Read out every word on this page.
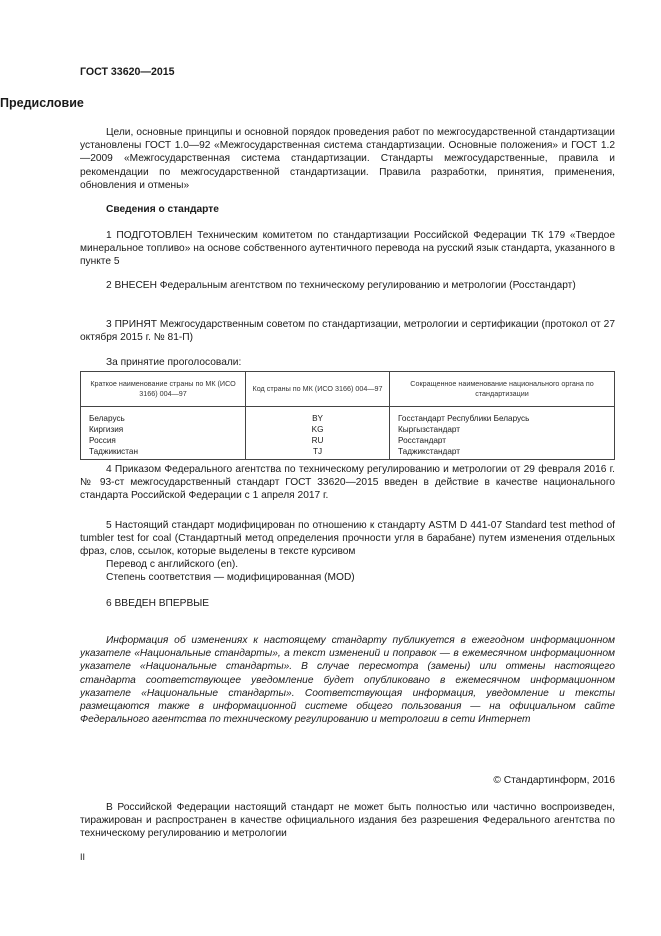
ГОСТ 33620—2015

Предисловие

Цели, основные принципы и основной порядок проведения работ по межгосударственной стандартизации установлены ГОСТ 1.0—92 «Межгосударственная система стандартизации. Основные положения» и ГОСТ 1.2—2009 «Межгосударственная система стандартизации. Стандарты межгосударственные, правила и рекомендации по межгосударственной стандартизации. Правила разработки, принятия, применения, обновления и отмены»

Сведения о стандарте

1 ПОДГОТОВЛЕН Техническим комитетом по стандартизации Российской Федерации ТК 179 «Твердое минеральное топливо» на основе собственного аутентичного перевода на русский язык стандарта, указанного в пункте 5

2 ВНЕСЕН Федеральным агентством по техническому регулированию и метрологии (Росстандарт)

3 ПРИНЯТ Межгосударственным советом по стандартизации, метрологии и сертификации (протокол от 27 октября 2015 г. № 81-П)

За принятие проголосовали:

Краткое наименование страны по МК (ИСО 3166) 004—97	Код страны по МК (ИСО 3166) 004—97	Сокращенное наименование национального органа по стандартизации
Беларусь	BY	Госстандарт Республики Беларусь
Киргизия	KG	Кыргызстандарт
Россия	RU	Росстандарт
Таджикистан	TJ	Таджикстандарт

4 Приказом Федерального агентства по техническому регулированию и метрологии от 29 февраля 2016 г. № 93-ст межгосударственный стандарт ГОСТ 33620—2015 введен в действие в качестве национального стандарта Российской Федерации с 1 апреля 2017 г.

5 Настоящий стандарт модифицирован по отношению к стандарту ASTM D 441-07 Standard test method of tumbler test for coal (Стандартный метод определения прочности угля в барабане) путем изменения отдельных фраз, слов, ссылок, которые выделены в тексте курсивом

Перевод с английского (en).

Степень соответствия — модифицированная (MOD)

6 ВВЕДЕН ВПЕРВЫЕ

Информация об изменениях к настоящему стандарту публикуется в ежегодном информационном указателе «Национальные стандарты», а текст изменений и поправок — в ежемесячном информационном указателе «Национальные стандарты». В случае пересмотра (замены) или отмены настоящего стандарта соответствующее уведомление будет опубликовано в ежемесячном информационном указателе «Национальные стандарты». Соответствующая информация, уведомление и тексты размещаются также в информационной системе общего пользования — на официальном сайте Федерального агентства по техническому регулированию и метрологии в сети Интернет

© Стандартинформ, 2016

В Российской Федерации настоящий стандарт не может быть полностью или частично воспроизведен, тиражирован и распространен в качестве официального издания без разрешения Федерального агентства по техническому регулированию и метрологии

II
